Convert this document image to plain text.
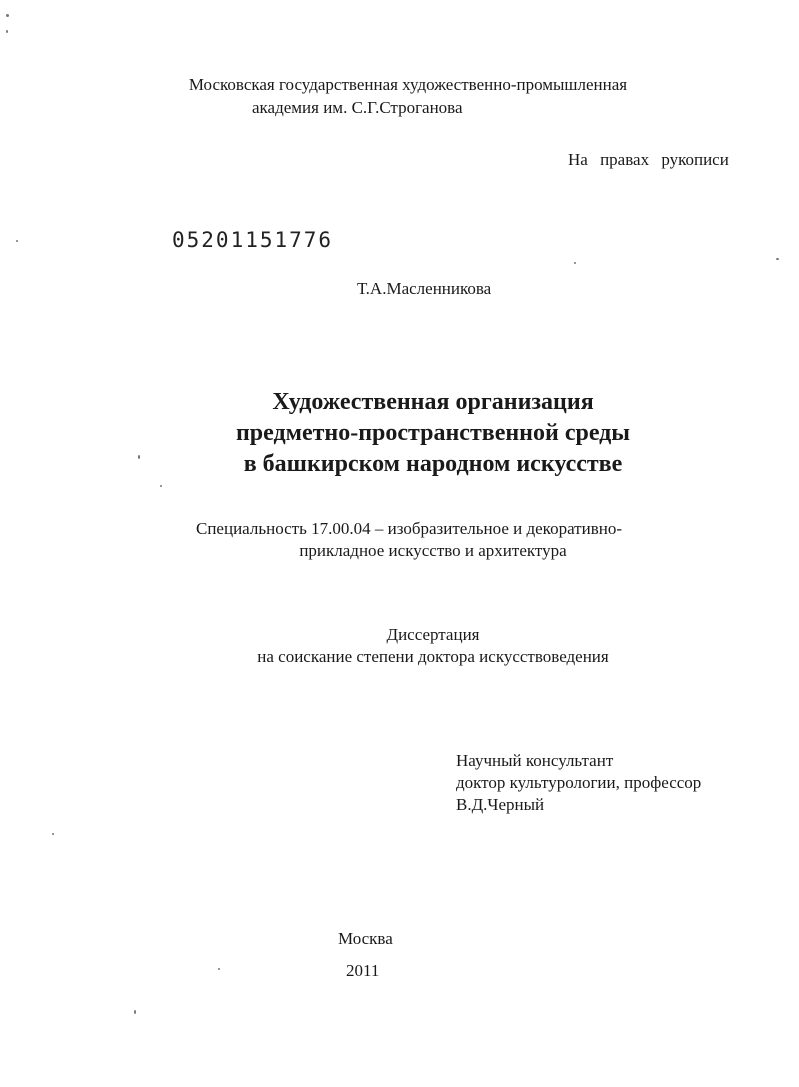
Московская государственная художественно-промышленная
академия им. С.Г.Строганова
На правах рукописи
05201151776
Т.А.Масленникова
Художественная организация
предметно-пространственной среды
в башкирском народном искусстве
Специальность 17.00.04 – изобразительное и декоративно-
прикладное искусство и архитектура
Диссертация
на соискание степени доктора искусствоведения
Научный консультант
доктор культурологии, профессор
В.Д.Черный
Москва
2011
